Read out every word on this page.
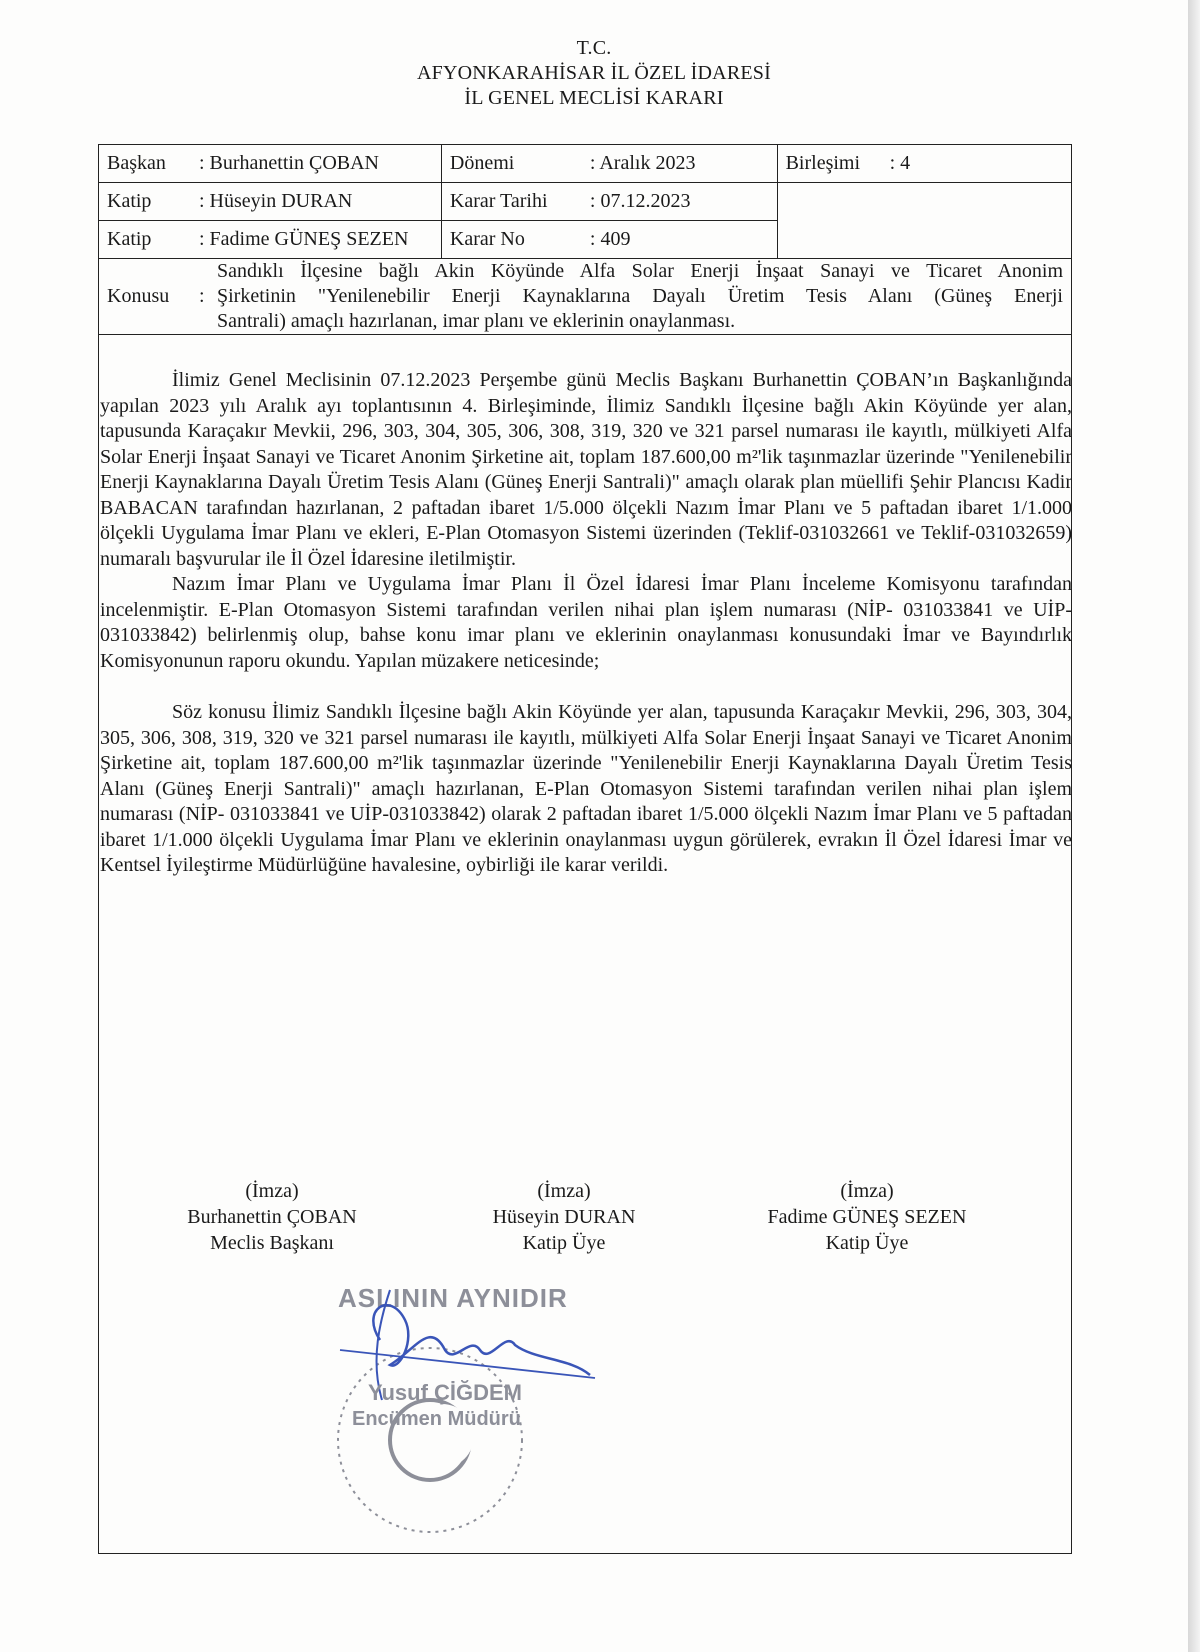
T.C.
AFYONKARAHİSAR İL ÖZEL İDARESİ
İL GENEL MECLİSİ KARARI
Başkan : Burhanettin ÇOBAN	Dönemi : Aralık 2023	Birleşimi : 4
Katip : Hüseyin DURAN	Karar Tarihi : 07.12.2023	
Katip : Fadime GÜNEŞ SEZEN	Karar No : 409	

Konusu :
Sandıklı İlçesine bağlı Akin Köyünde Alfa Solar Enerji İnşaat Sanayi ve Ticaret Anonim
Şirketinin "Yenilenebilir Enerji Kaynaklarına Dayalı Üretim Tesis Alanı (Güneş Enerji
Santrali) amaçlı hazırlanan, imar planı ve eklerinin onaylanması.		

İlimiz Genel Meclisinin 07.12.2023 Perşembe günü Meclis Başkanı Burhanettin ÇOBAN’ın Başkanlığında yapılan 2023 yılı Aralık ayı toplantısının 4. Birleşiminde, İlimiz Sandıklı İlçesine bağlı Akin Köyünde yer alan, tapusunda Karaçakır Mevkii, 296, 303, 304, 305, 306, 308, 319, 320 ve 321 parsel numarası ile kayıtlı, mülkiyeti Alfa Solar Enerji İnşaat Sanayi ve Ticaret Anonim Şirketine ait, toplam 187.600,00 m²'lik taşınmazlar üzerinde "Yenilenebilir Enerji Kaynaklarına Dayalı Üretim Tesis Alanı (Güneş Enerji Santrali)" amaçlı olarak plan müellifi Şehir Plancısı Kadir BABACAN tarafından hazırlanan, 2 paftadan ibaret 1/5.000 ölçekli Nazım İmar Planı ve 5 paftadan ibaret 1/1.000 ölçekli Uygulama İmar Planı ve ekleri, E-Plan Otomasyon Sistemi üzerinden (Teklif-031032661 ve Teklif-031032659) numaralı başvurular ile İl Özel İdaresine iletilmiştir.

Nazım İmar Planı ve Uygulama İmar Planı İl Özel İdaresi İmar Planı İnceleme Komisyonu tarafından incelenmiştir. E-Plan Otomasyon Sistemi tarafından verilen nihai plan işlem numarası (NİP- 031033841 ve UİP-031033842) belirlenmiş olup, bahse konu imar planı ve eklerinin onaylanması konusundaki İmar ve Bayındırlık Komisyonunun raporu okundu. Yapılan müzakere neticesinde;

Söz konusu İlimiz Sandıklı İlçesine bağlı Akin Köyünde yer alan, tapusunda Karaçakır Mevkii, 296, 303, 304, 305, 306, 308, 319, 320 ve 321 parsel numarası ile kayıtlı, mülkiyeti Alfa Solar Enerji İnşaat Sanayi ve Ticaret Anonim Şirketine ait, toplam 187.600,00 m²'lik taşınmazlar üzerinde "Yenilenebilir Enerji Kaynaklarına Dayalı Üretim Tesis Alanı (Güneş Enerji Santrali)" amaçlı hazırlanan, E-Plan Otomasyon Sistemi tarafından verilen nihai plan işlem numarası (NİP- 031033841 ve UİP-031033842) olarak 2 paftadan ibaret 1/5.000 ölçekli Nazım İmar Planı ve 5 paftadan ibaret 1/1.000 ölçekli Uygulama İmar Planı ve eklerinin onaylanması uygun görülerek, evrakın İl Özel İdaresi İmar ve Kentsel İyileştirme Müdürlüğüne havalesine, oybirliği ile karar verildi.

(İmza)
Burhanettin ÇOBAN
Meclis Başkanı
(İmza)
Hüseyin DURAN
Katip Üye
(İmza)
Fadime GÜNEŞ SEZEN
Katip Üye
ASLININ AYNIDIR
Yusuf ÇİĞDEM
Encümen Müdürü
